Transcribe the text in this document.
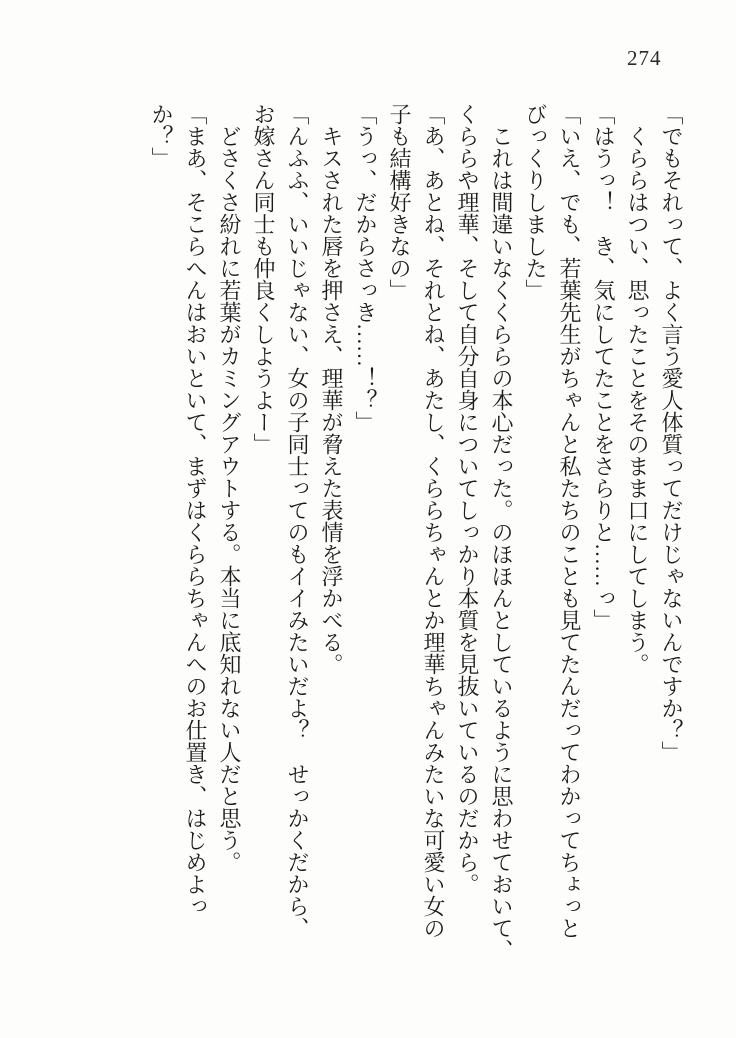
274
「でもそれって、よく言う愛人体質ってだけじゃないんですか？」
　くららはつい、思ったことをそのまま口にしてしまう。
「はうっ！　き、気にしてたことをさらりと……っ」
「いえ、でも、若葉先生がちゃんと私たちのことも見てたんだってわかってちょっと
びっくりしました」
　これは間違いなくくららの本心だった。のほほんとしているように思わせておいて、
くららや理華、そして自分自身についてしっかり本質を見抜いているのだから。
「あ、あとね、それとね、あたし、くららちゃんとか理華ちゃんみたいな可愛い女の
子も結構好きなの」
「うっ、だからさっき……！？」
　キスされた唇を押さえ、理華が脅えた表情を浮かべる。
「んふふ、いいじゃない、女の子同士ってのもイイみたいだよ？　せっかくだから、
お嫁さん同士も仲良くしようよー」
　どさくさ紛れに若葉がカミングアウトする。本当に底知れない人だと思う。
「まあ、そこらへんはおいといて、まずはくららちゃんへのお仕置き、はじめよっ
か？」
